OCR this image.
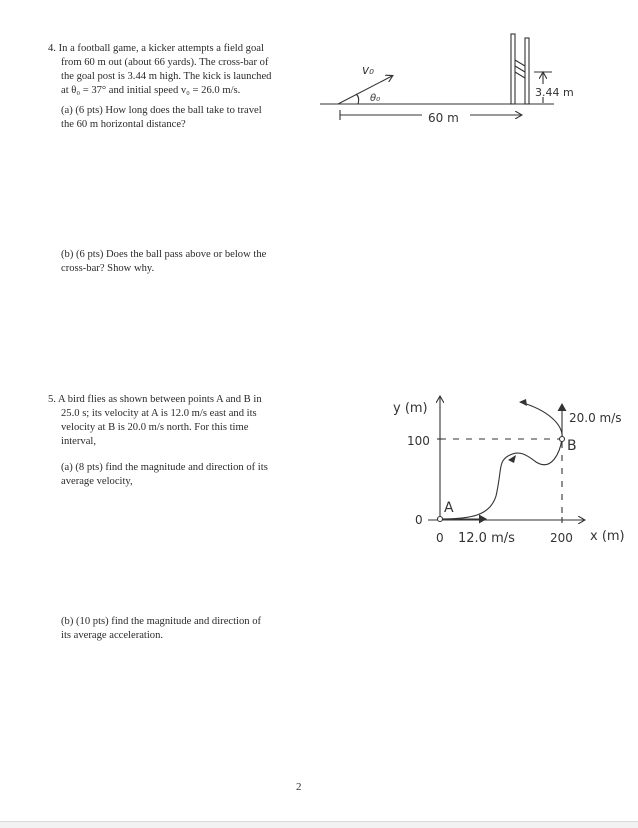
4. In a football game, a kicker attempts a field goal

from 60 m out (about 66 yards). The cross-bar of

the goal post is 3.44 m high. The kick is launched

at θ₀ = 37° and initial speed v₀ = 26.0 m/s.

(a) (6 pts) How long does the ball take to travel

the 60 m horizontal distance?

(b) (6 pts) Does the ball pass above or below the

cross-bar? Show why.

5. A bird flies as shown between points A and B in

25.0 s; its velocity at A is 12.0 m/s east and its

velocity at B is 20.0 m/s north. For this time

interval,

(a) (8 pts) find the magnitude and direction of its

average velocity,

(b) (10 pts) find the magnitude and direction of

its average acceleration.

v₀
θ₀	3.44 m
60 m
y (m)
x (m)
100
0
0	200
A
B
12.0 m/s
20.0 m/s
2
